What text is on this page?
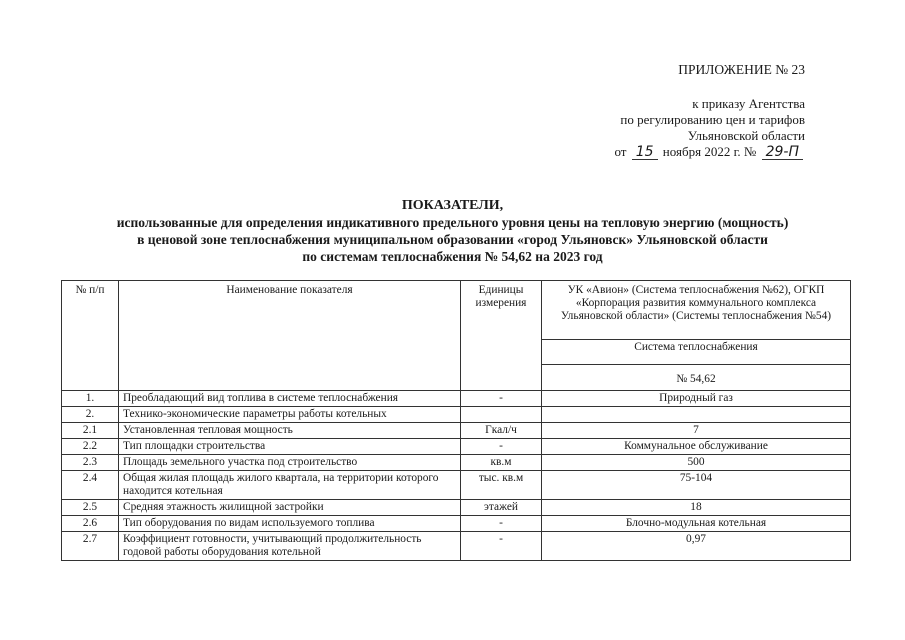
ПРИЛОЖЕНИЕ № 23
к приказу Агентства
по регулированию цен и тарифов
Ульяновской области
от 15 ноября 2022 г. № 29-П
ПОКАЗАТЕЛИ,
использованные для определения индикативного предельного уровня цены на тепловую энергию (мощность)
в ценовой зоне теплоснабжения муниципальном образовании «город Ульяновск» Ульяновской области
по системам теплоснабжения № 54,62 на 2023 год
№ п/п	Наименование показателя	Единицы измерения	УК «Авион» (Система теплоснабжения №62), ОГКП «Корпорация развития коммунального комплекса Ульяновской области» (Системы теплоснабжения №54)
			Система теплоснабжения
			№ 54,62
1.	Преобладающий вид топлива в системе теплоснабжения	-	Природный газ
2.	Технико-экономические параметры работы котельных		
2.1	Установленная тепловая мощность	Гкал/ч	7
2.2	Тип площадки строительства	-	Коммунальное обслуживание
2.3	Площадь земельного участка под строительство	кв.м	500
2.4	Общая жилая площадь жилого квартала, на территории которого находится котельная	тыс. кв.м	75-104
2.5	Средняя этажность жилищной застройки	этажей	18
2.6	Тип оборудования по видам используемого топлива	-	Блочно-модульная котельная
2.7	Коэффициент готовности, учитывающий продолжительность годовой работы оборудования котельной	-	0,97
